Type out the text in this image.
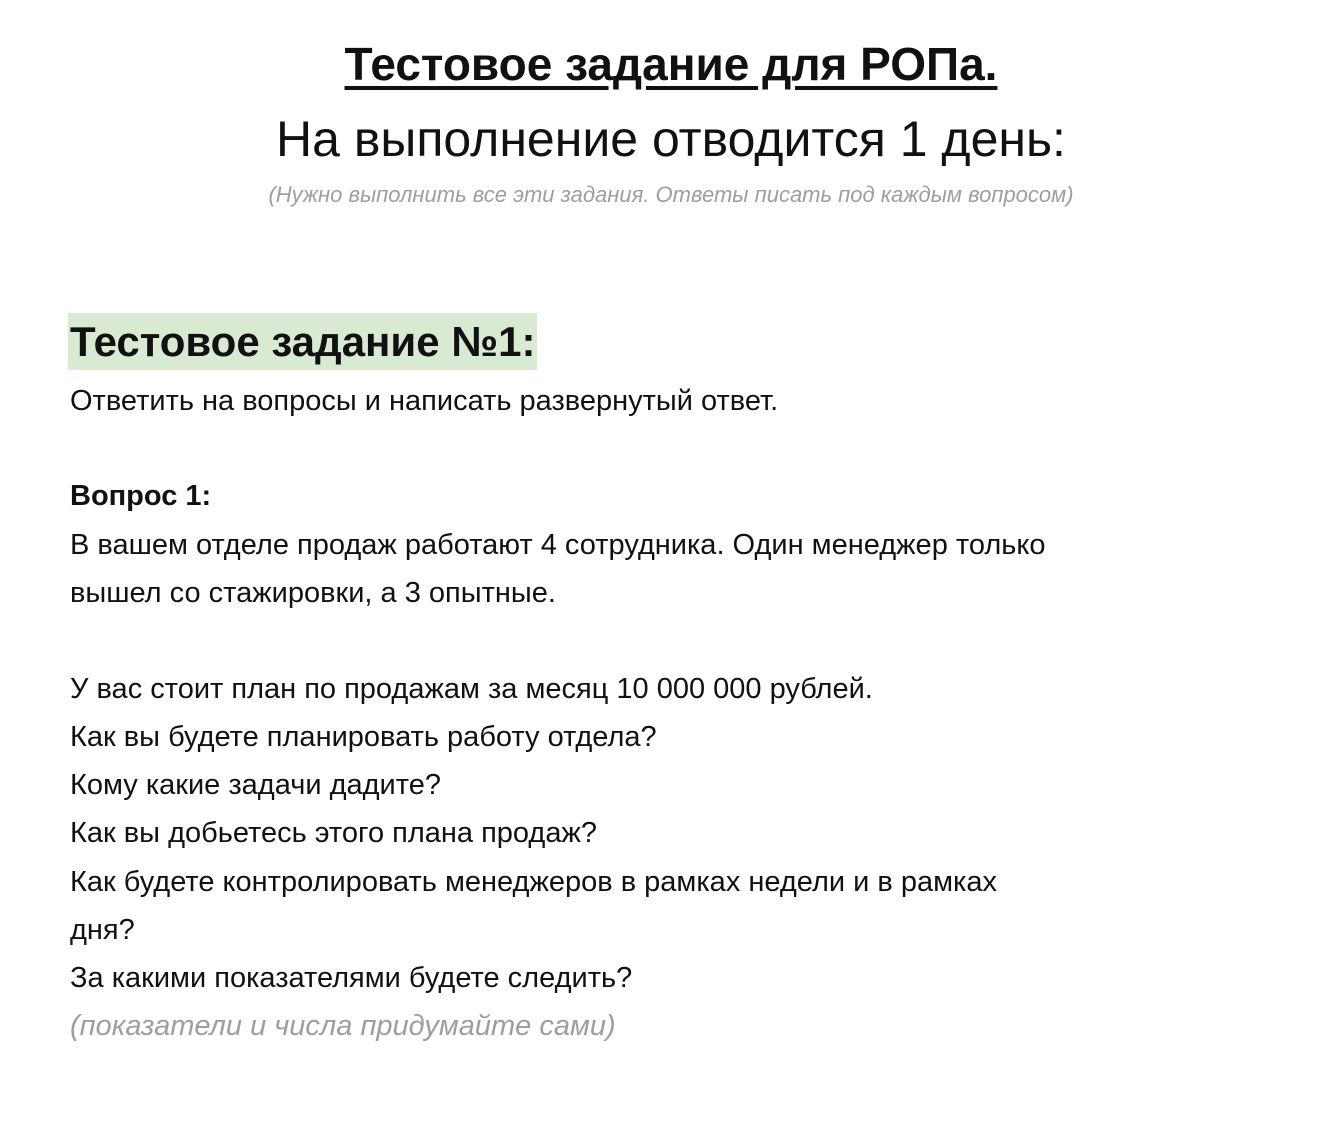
Тестовое задание для РОПа.
На выполнение отводится 1 день:

(Нужно выполнить все эти задания. Ответы писать под каждым вопросом)

Тестовое задание №1:

Ответить на вопросы и написать развернутый ответ.

Вопрос 1:

В вашем отделе продаж работают 4 сотрудника. Один менеджер только

вышел со стажировки, а 3 опытные.

У вас стоит план по продажам за месяц 10 000 000 рублей.

Как вы будете планировать работу отдела?

Кому какие задачи дадите?

Как вы добьетесь этого плана продаж?

Как будете контролировать менеджеров в рамках недели и в рамках

дня?

За какими показателями будете следить?

(показатели и числа придумайте сами)
